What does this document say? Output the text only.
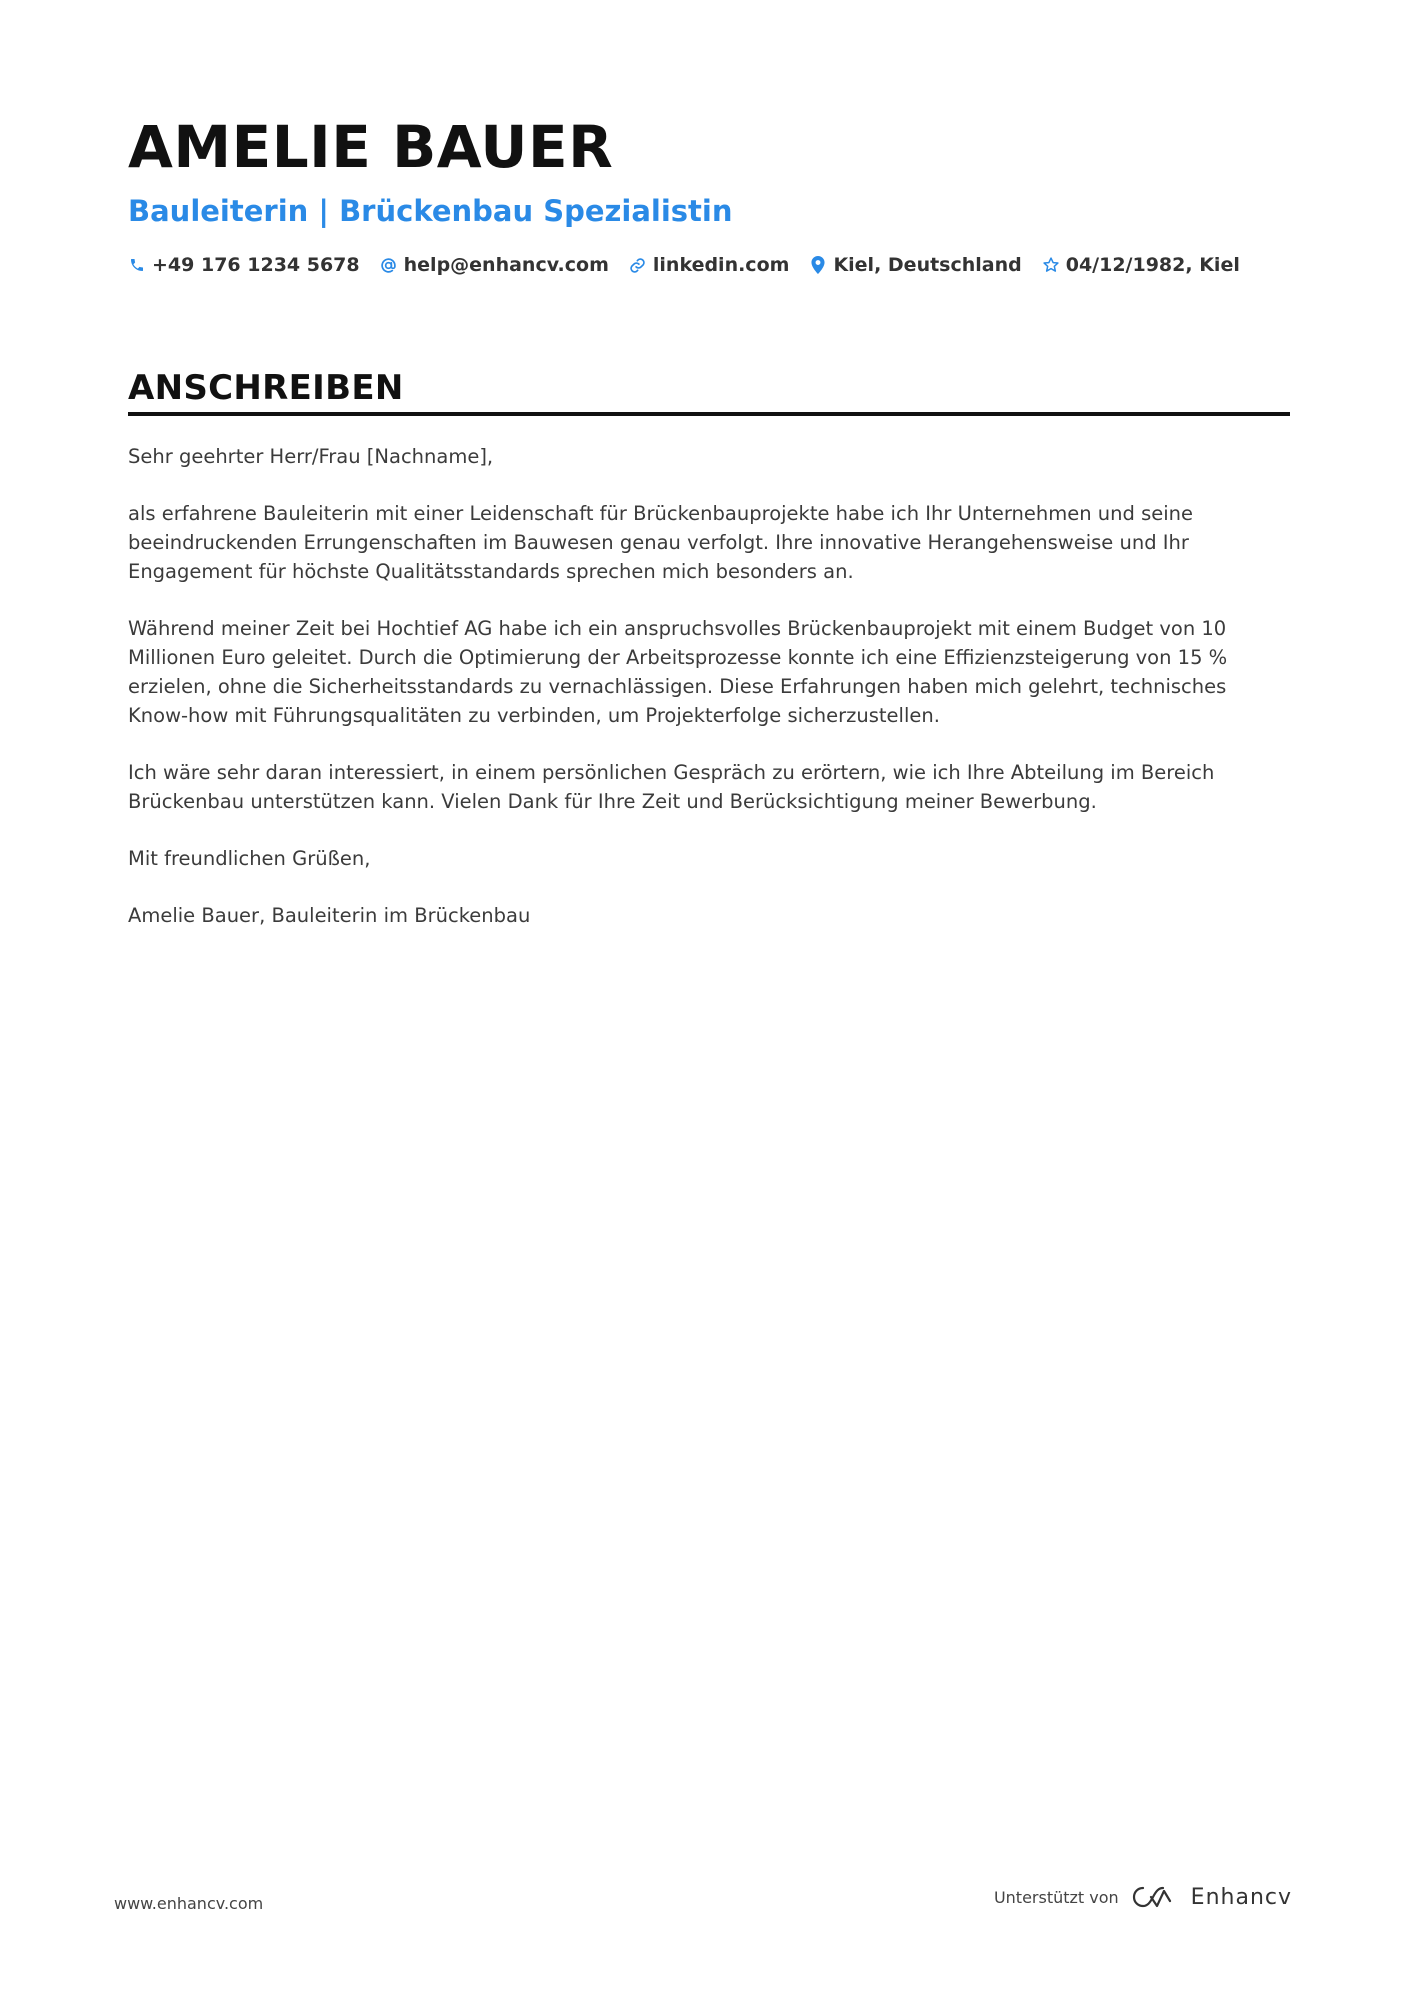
AMELIE BAUER
Bauleiterin | Brückenbau Spezialistin
+49 176 1234 5678 help@enhancv.com linkedin.com Kiel, Deutschland 04/12/1982, Kiel
ANSCHREIBEN

Sehr geehrter Herr/Frau [Nachname],

als erfahrene Bauleiterin mit einer Leidenschaft für Brückenbauprojekte habe ich Ihr Unternehmen und seine beeindruckenden Errungenschaften im Bauwesen genau verfolgt. Ihre innovative Herangehensweise und Ihr Engagement für höchste Qualitätsstandards sprechen mich besonders an.

Während meiner Zeit bei Hochtief AG habe ich ein anspruchsvolles Brückenbauprojekt mit einem Budget von 10 Millionen Euro geleitet. Durch die Optimierung der Arbeitsprozesse konnte ich eine Effizienzsteigerung von 15 % erzielen, ohne die Sicherheitsstandards zu vernachlässigen. Diese Erfahrungen haben mich gelehrt, technisches Know-how mit Führungsqualitäten zu verbinden, um Projekterfolge sicherzustellen.

Ich wäre sehr daran interessiert, in einem persönlichen Gespräch zu erörtern, wie ich Ihre Abteilung im Bereich Brückenbau unterstützen kann. Vielen Dank für Ihre Zeit und Berücksichtigung meiner Bewerbung.

Mit freundlichen Grüßen,

Amelie Bauer, Bauleiterin im Brückenbau

www.enhancv.com	Unterstützt von	Enhancv
